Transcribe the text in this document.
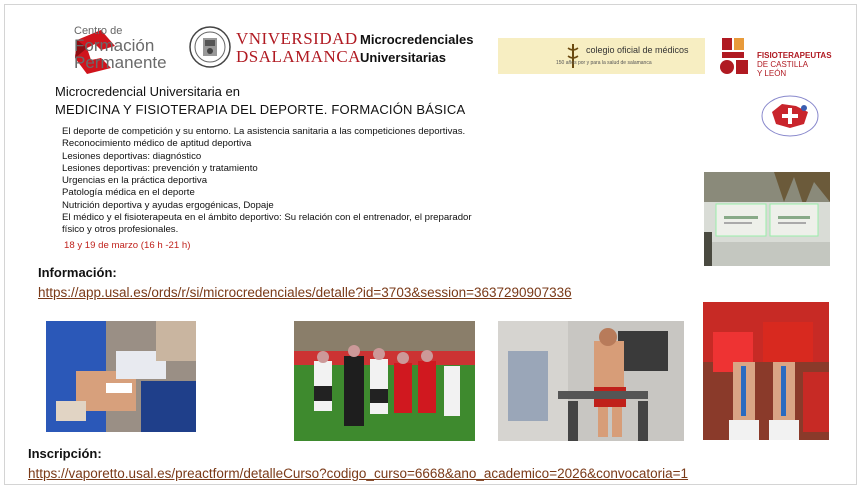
Centro de
Formación
Permanente
VNIVERSIDAD
DSALAMANCA
Microcredenciales
Universitarias
colegio oficial de médicos
150 años por y para la salud de salamanca
FISIOTERAPEUTAS
DE CASTILLA
Y LEÓN
Microcredencial Universitaria en
MEDICINA Y FISIOTERAPIA DEL DEPORTE. FORMACIÓN BÁSICA
El deporte de competición y su entorno. La asistencia sanitaria a las competiciones deportivas.
Reconocimiento médico de aptitud deportiva
Lesiones deportivas: diagnóstico
Lesiones deportivas: prevención y tratamiento
Urgencias en la práctica deportiva
Patología médica en el deporte
Nutrición deportiva y ayudas ergogénicas, Dopaje
El médico y el fisioterapeuta en el ámbito deportivo: Su relación con el entrenador, el preparador
físico y otros profesionales.
18 y 19 de marzo (16 h -21 h)
Información:
https://app.usal.es/ords/r/si/microcredenciales/detalle?id=3703&session=3637290907336
Inscripción:
https://vaporetto.usal.es/preactform/detalleCurso?codigo_curso=6668&ano_academico=2026&convocatoria=1
